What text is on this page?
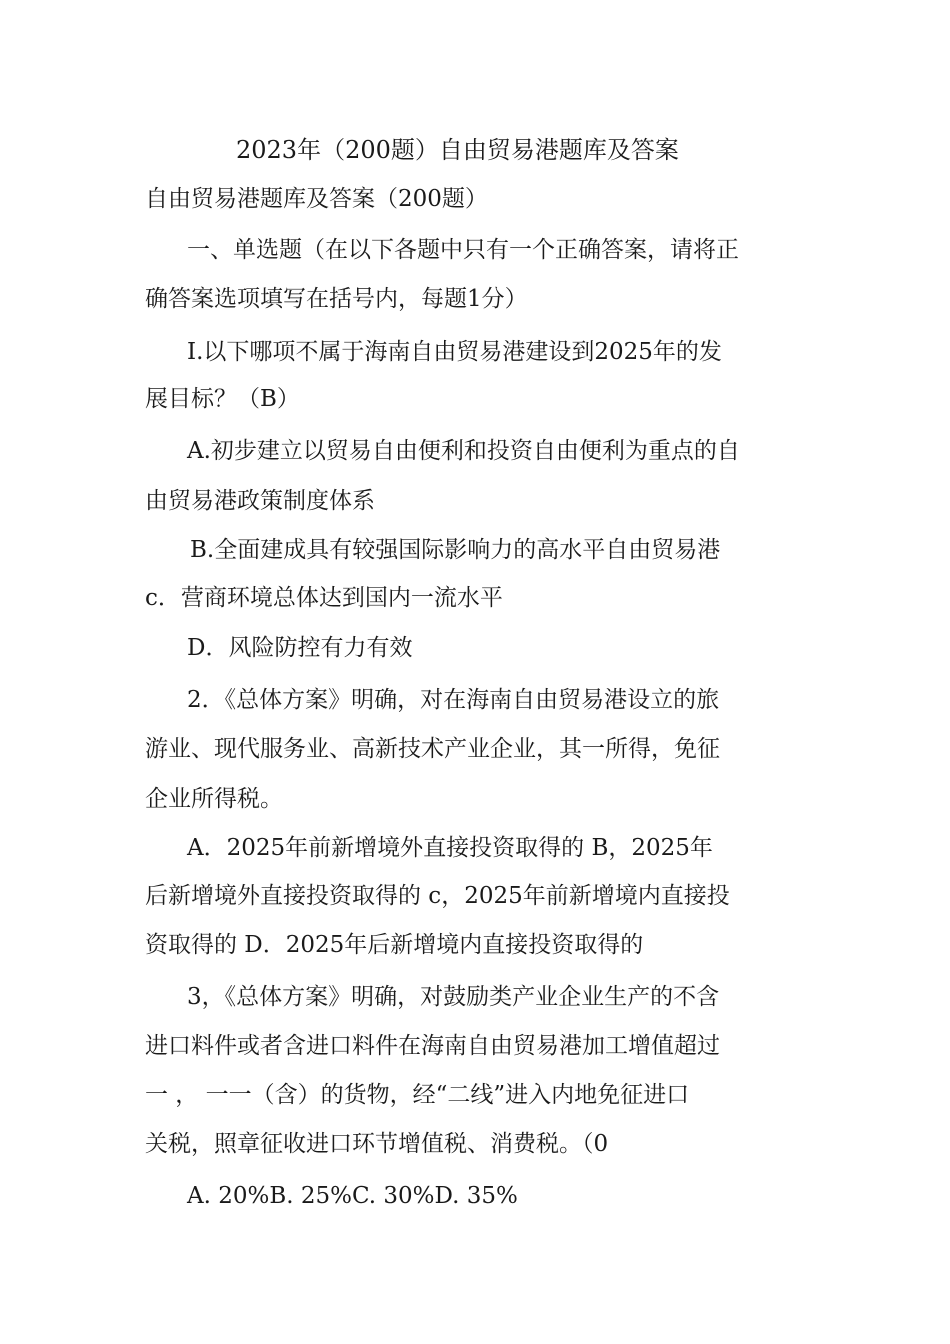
2023年（200题）自由贸易港题库及答案
自由贸易港题库及答案（200题）
一、单选题（在以下各题中只有一个正确答案，请将正
确答案选项填写在括号内，每题1分）
I.以下哪项不属于海南自由贸易港建设到2025年的发
展目标？（B）
A.初步建立以贸易自由便利和投资自由便利为重点的自
由贸易港政策制度体系
B.全面建成具有较强国际影响力的高水平自由贸易港
c．营商环境总体达到国内一流水平
D．风险防控有力有效
2．《总体方案》明确，对在海南自由贸易港设立的旅
游业、现代服务业、高新技术产业企业，其一所得，免征
企业所得税。
A．2025年前新增境外直接投资取得的 B，2025年
后新增境外直接投资取得的 c，2025年前新增境内直接投
资取得的 D．2025年后新增境内直接投资取得的
3，《总体方案》明确，对鼓励类产业企业生产的不含
进口料件或者含进口料件在海南自由贸易港加工增值超过
一 ， 一一（含）的货物，经“二线”进入内地免征进口
关税，照章征收进口环节增值税、消费税。（0
A. 20%B. 25%C. 30%D. 35%
